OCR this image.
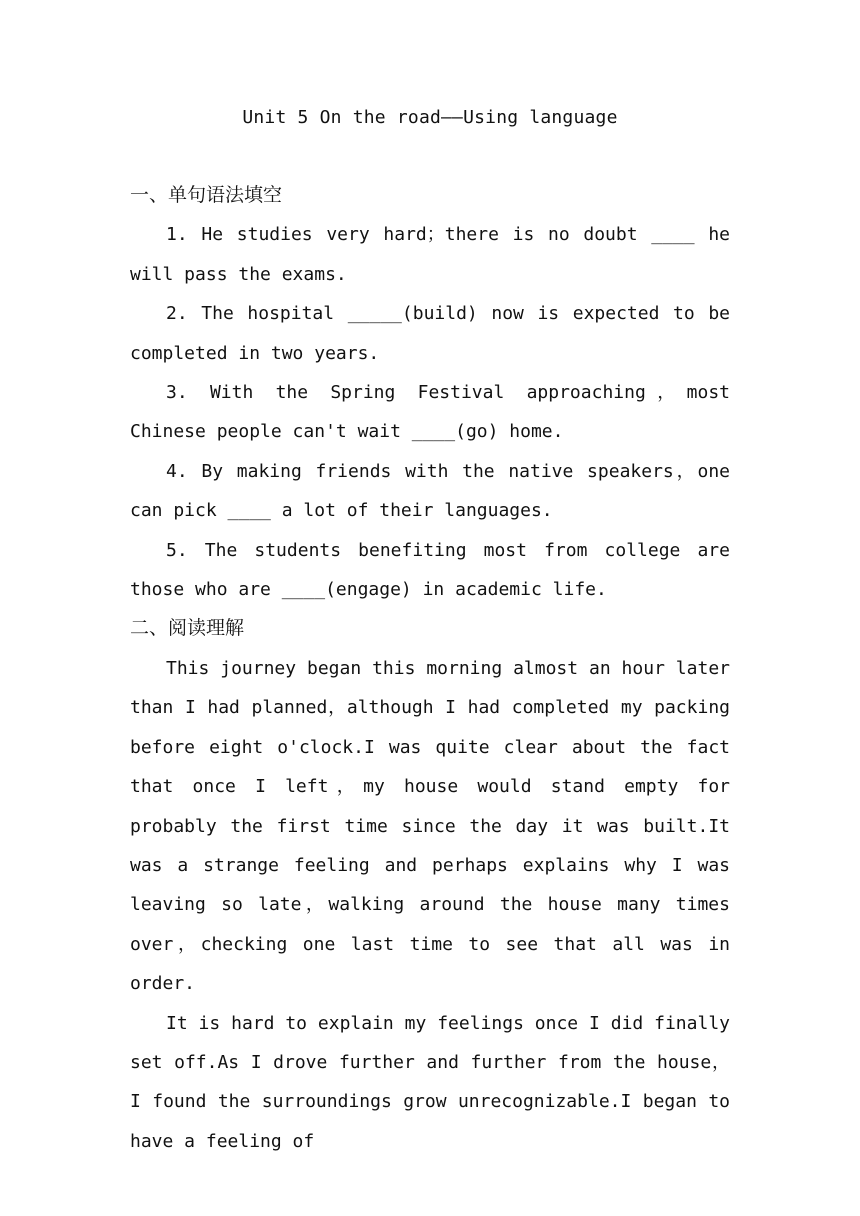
Unit 5 On the road——Using language
一、单句语法填空

1. He studies very hard；there is no doubt ____ he will pass the exams.

2. The hospital _____(build) now is expected to be completed in two years.

3. With the Spring Festival approaching，most Chinese people can't wait ____(go) home.

4. By making friends with the native speakers，one can pick ____ a lot of their languages.

5. The students benefiting most from college are those who are ____(engage) in academic life.

二、阅读理解

This journey began this morning almost an hour later than I had planned，although I had completed my packing before eight o'clock.I was quite clear about the fact that once I left，my house would stand empty for probably the first time since the day it was built.It was a strange feeling and perhaps explains why I was leaving so late，walking around the house many times over，checking one last time to see that all was in order.

It is hard to explain my feelings once I did finally set off.As I drove further and further from the house，I found the surroundings grow unrecognizable.I began to have a feeling of
